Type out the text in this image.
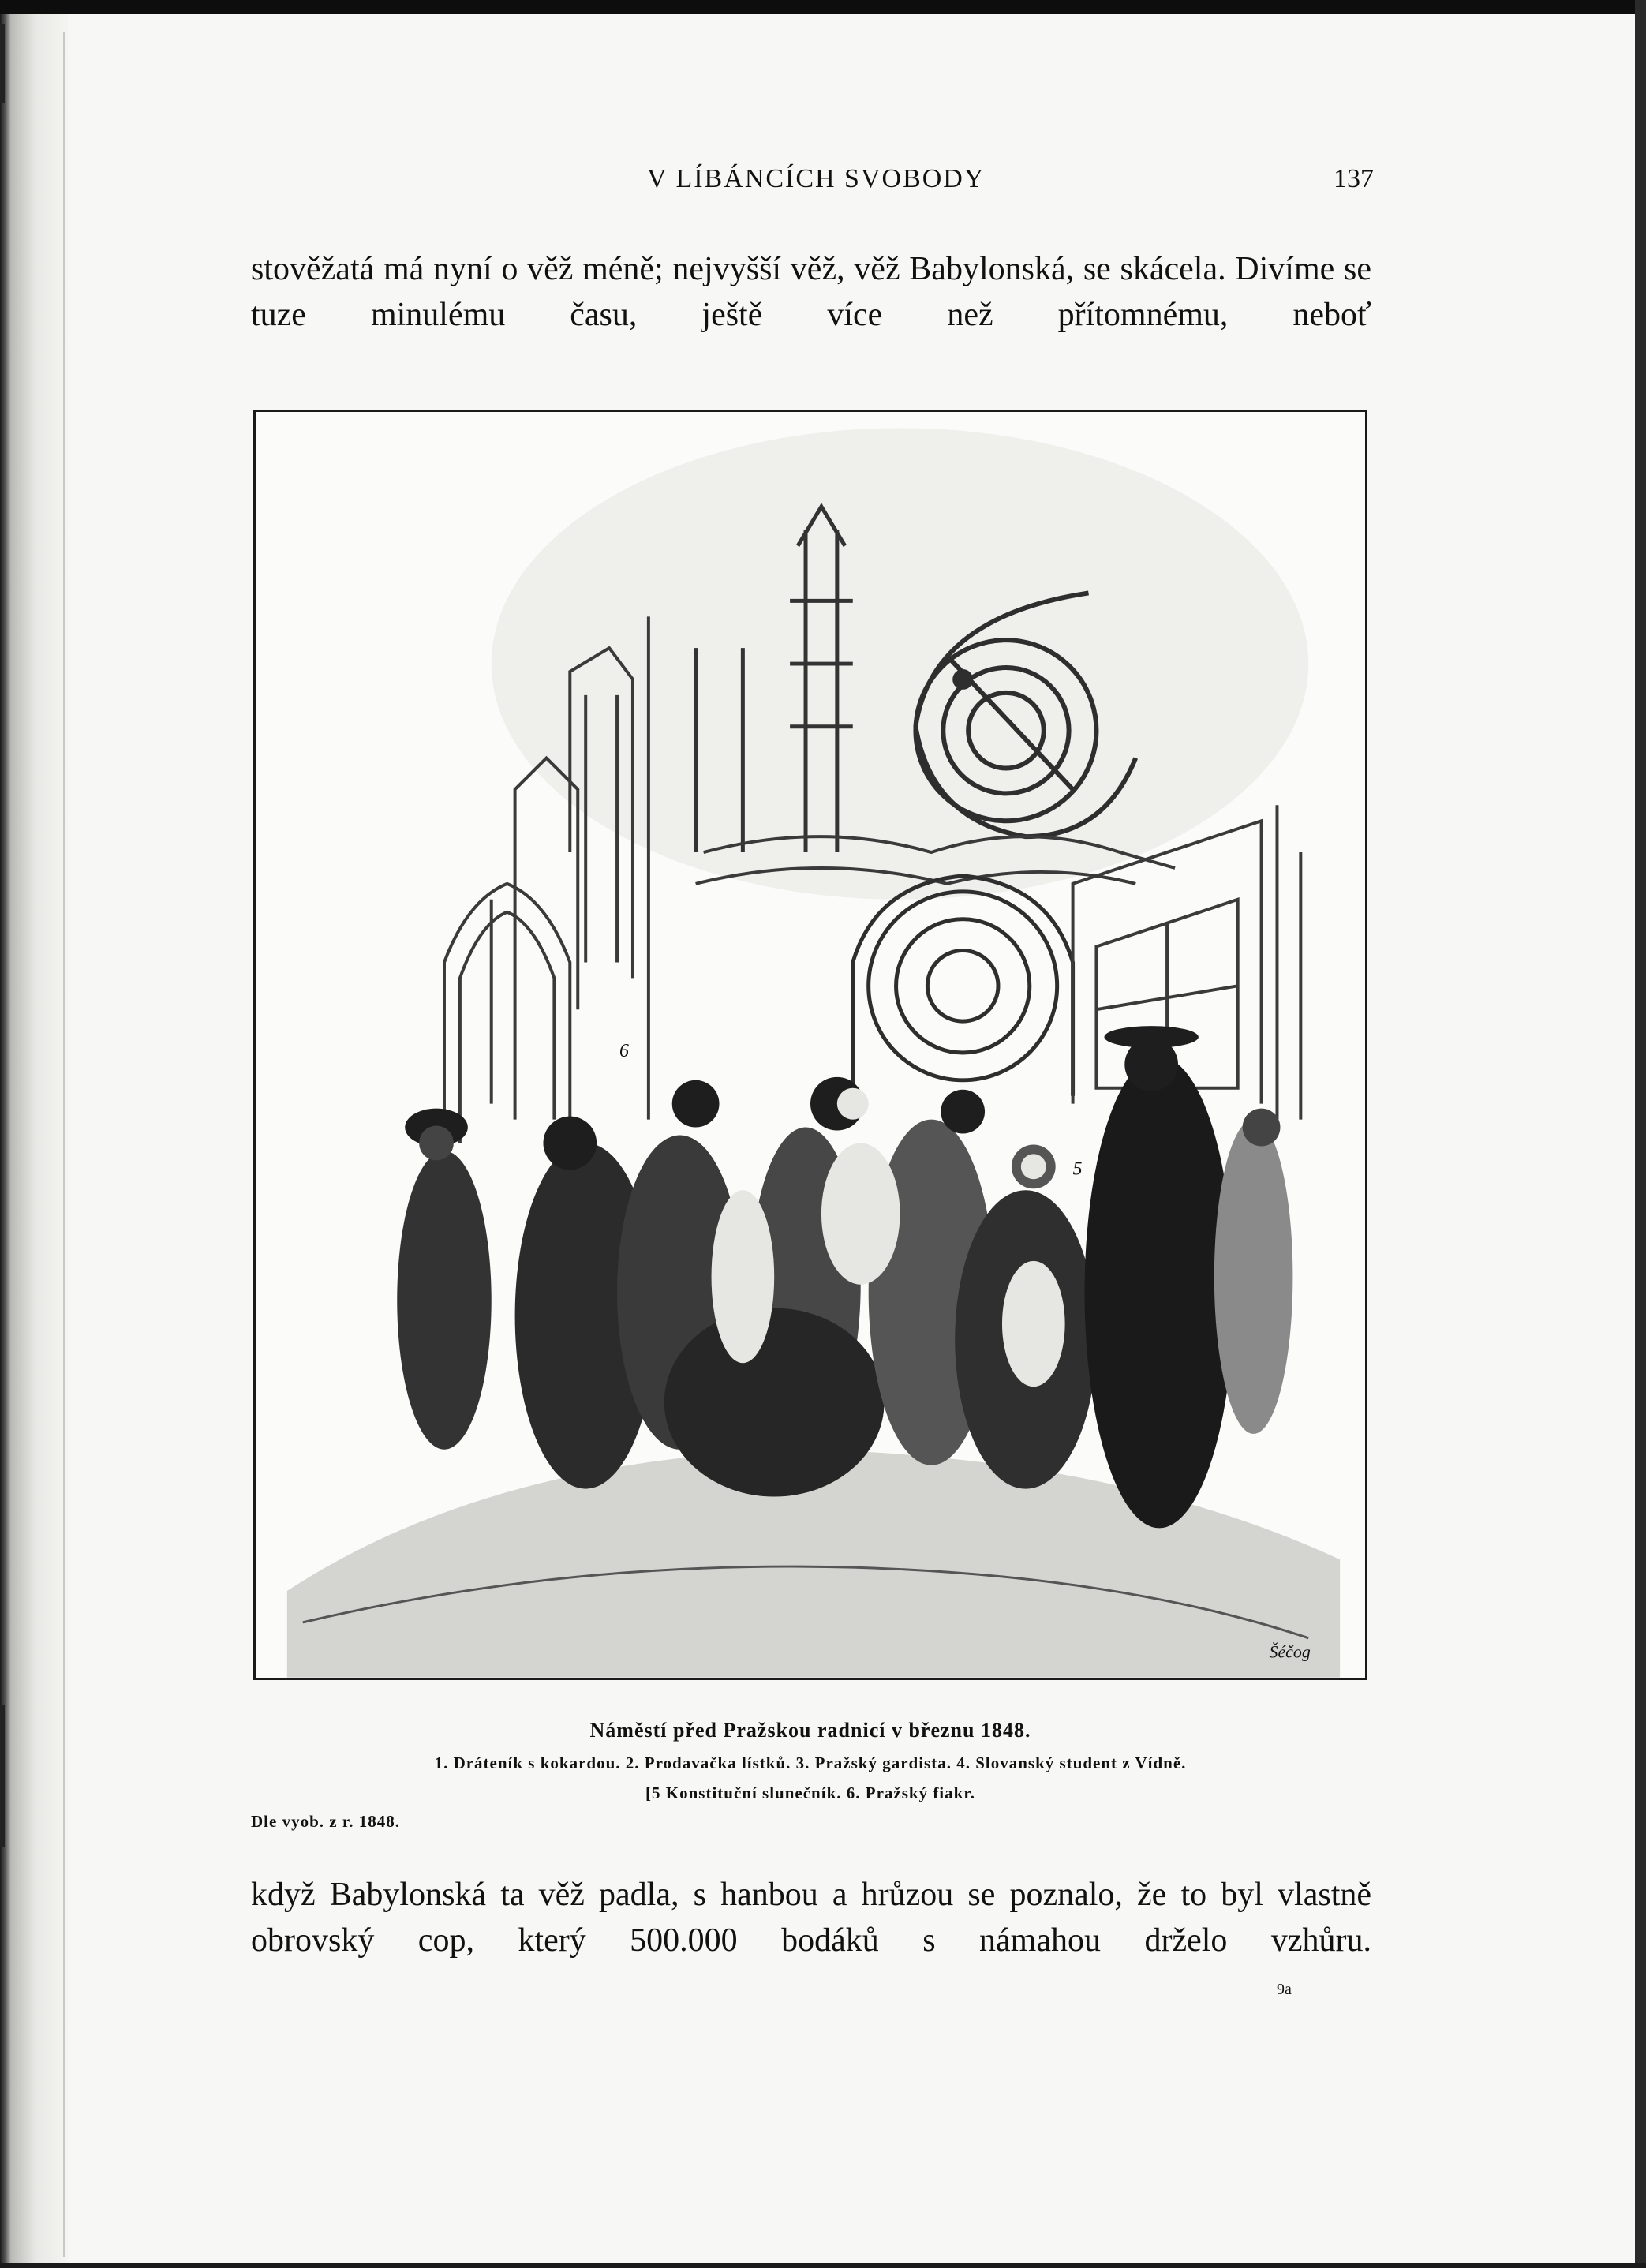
V LÍBÁNCÍCH SVOBODY	137

stověžatá má nyní o věž méně; nejvyšší věž, věž Babylonská, se skácela. Divíme se tuze minulému času, ještě více než přítomnému, neboť

6
5
Šéčog
Náměstí před Pražskou radnicí v březnu 1848.
1. Dráteník s kokardou. 2. Prodavačka lístků. 3. Pražský gardista. 4. Slovanský student z Vídně.
[5 Konstituční slunečník. 6. Pražský fiakr.
Dle vyob. z r. 1848.

když Babylonská ta věž padla, s hanbou a hrůzou se poznalo, že to byl vlastně obrovský cop, který 500.000 bodáků s námahou drželo vzhůru.

9a
